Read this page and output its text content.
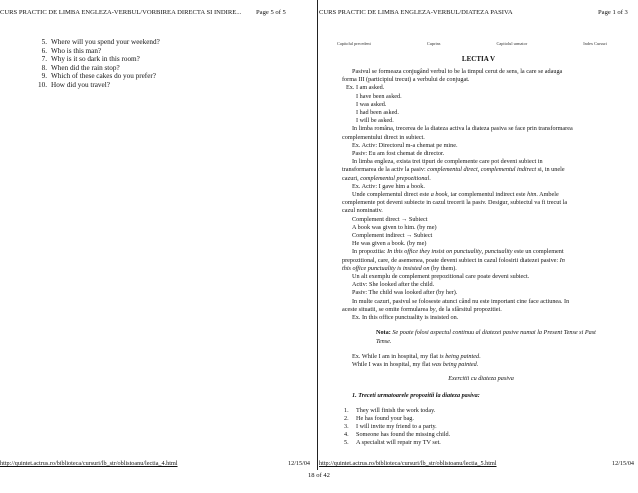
CURS PRACTIC DE LIMBA ENGLEZA-VERBUL/VORBIREA DIRECTA SI INDIRE... Page 5 of 5
5. Where will you spend your weekend?
6. Who is this man?
7. Why is it so dark in this room?
8. When did the rain stop?
9. Which of these cakes do you prefer?
10. How did you travel?
http://quintet.actrus.ro/biblioteca/cursuri/lb_str/oblistoanu/lectia_4.html	12/15/04
CURS PRACTIC DE LIMBA ENGLEZA-VERBUL/DIATEZA PASIVA	Page 1 of 3
Capitolul precedent	Cuprins	Capitolul urmator	Index Cursuri
LECTIA V
Pasivul se formeaza conjugând verbul to be la timpul cerut de sens, la care se adauga
forma III (participiul trecut) a verbului de conjugat.
Ex. I am asked.
I have been asked.
I was asked.
I had been asked.
I will be asked.
In limba româna, trecerea de la diateza activa la diateza pasiva se face prin transformarea
complementului direct in subiect.
Ex. Activ: Directorul m-a chemat pe mine.
Pasiv: Eu am fost chemat de director.
In limba engleza, exista trei tipuri de complemente care pot deveni subiect in
transformarea de la activ la pasiv: complementul direct, complementul indirect si, in unele
cazuri, complementul prepozitional.
Ex. Activ: I gave him a book.
Unde complementul direct este a book, iar complementul indirect este him. Ambele
complemente pot deveni subiecte in cazul trecerii la pasiv. Desigur, subiectul va fi trecut la
cazul nominativ.
Complement direct → Subiect
A book was given to him. (by me)
Complement indirect → Subiect
He was given a book. (by me)
In propozitia: In this office they insist on punctuality, punctuality este un complement
prepozitional, care, de asemenea, poate deveni subiect in cazul folosirii diatezei pasive: In
this office punctuality is insisted on (by them).
Un alt exemplu de complement prepozitional care poate deveni subiect.
Activ: She looked after the child.
Pasiv: The child was looked after (by her).
In multe cazuri, pasivul se foloseste atunci când nu este important cine face actiunea. In
aceste situatii, se omite formularea by, de la sfârsitul propozitiei.
Ex. In this office punctuality is insisted on.
Nota: Se poate folosi aspectul continuu al diatezei pasive numai la Present Tense si Past Tense.
Ex. While I am in hospital, my flat is being painted.
While I was in hospital, my flat was being painted.
Exercitii cu diateza pasiva
1. Treceti urmatoarele propozitii la diateza pasiva:
1.	They will finish the work today.
2.	He has found your bag.
3.	I will invite my friend to a party.
4.	Someone has found the missing child.
5.	A specialist will repair my TV set.
http://quintet.actrus.ro/biblioteca/cursuri/lb_str/oblistoanu/lectia_5.html	12/15/04
18 of 42
